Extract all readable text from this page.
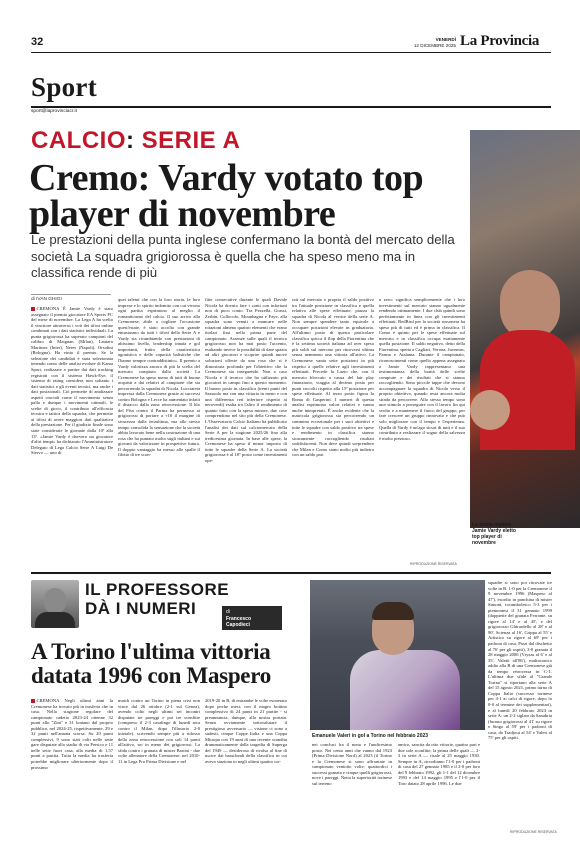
32	VENERDÌ
12 DICEMBRE 2025 La Provincia
Sport
sport@laprovinciacr.it
CALCIO: SERIE A
Cremo: Vardy votato top player di novembre
Le prestazioni della punta inglese confermano la bontà del mercato della società La squadra grigiorossa è quella che ha speso meno ma in classifica rende di più
di IVAN GHIGI
CREMONA È Jamie Vardy è stato assegnato il premio giocatore EA Sports FC del mese di novembre. La Lega A ha scelto il vincitore attraverso i voti dei tifosi online combinati con i dati statistici individuali. La punta grigiorossa ha superato campioni del calibro di Maignan (Milan), Lautaro Martinez (Inter), Neres (Napoli), Orsolini (Bologna). Ha vinto il premio. Se la selezione dei candidati è stata selezionata tenendo conto delle analisi evolute di Kama Sport, realizzate a partire dai dati tracking registrati con il sistema Hawk-Eye, il sistema di rating considera non soltanto i dati statistici e gli eventi tecnici, ma anche i dati posizionali. Ciò permette di analizzare aspetti cruciali come il movimento senza palla e dunque i movimenti ottimali, le scelte di gioco, il contributo all'efficacia tecnica e tattica della squadra, che permette ai tifosi di avere maggiori dati qualitativa della prestazione. Per il giudizio finale sono state considerate le giornate dalla 10ª alla 13ª. «Jamie Vardy è davvero un giocatore d'altri tempi» ha dichiarato l'Amministratore Delegato di Lega Calcio Serie A Luigi De Siervo — uno di
quei talenti che con la loro storia, le loro imprese e lo spirito indomito con cui vivono ogni partita esprimono al meglio il romanticismo del calcio. Il suo arrivo alla Cremonese, abile a cogliere l'occasione quest'estate, è stato accolto con grande entusiasmo da tutti i tifosi della Serie A e Vardy sta ricambiando con prestazioni di altissimo livello, leadership innata e gol importanti, frutto della caratteristica agonistica e delle capacità balistiche che l'hanno sempre contraddistinto». Il premio a Vardy valorizza ancora di più la scelta del mercato compiuto dalla società La Cremonese ha speso meno di tutti di buone acquisti a dai relativi al campione che sta percorrendo la squadra di Nicola. Lucciareta impressa dalla Cremonese grazie ai successi contro Bologna e Lecce ha aumentato infatti il distacco dalla zona retrocessione. Il blo del Pisa contro il Parma ha permesso ai grigiorossi di portare a +10 il margine di sicurezza dalla terzultima, ma allo stesso tempo consolida la sensazione che la società abbia lavorato bene nella costruzione di una rosa che ha puntato molto sugli italiani e sui giovani da valorizzare in prospettive futura. Il doppio vantaggio ha messo alle spalle il filotto di tre scon-
fitte consecutive durante le quali Davide Nicola ha dovuto fare i conti con infortuni non di poco conto. Tra Pezzella, Grassi, Zerbin, Collocolo, Mounbagna e Faye, alla squadra sono venuti a mancare nelle rotazioni almeno quattro elementi che erano titolari fissi nella prima parte del campionato. Assenze sulle quali il tecnico grigiorosso non ha mai posto l'accento, esaltando invece la possibilità di dare spazio ad altri giocatori e scoprire quindi nuove soluzioni offerte da una rosa che si è dimostrata profonda per l'obiettivo che la Cremonese sta inseguendo. Non a caso Nicola e il tecnico che ha utilizzato più giocatori in campo fino a questo momento. Il buono posto in classifica (trenti punti del Sassuolo ma con una vittoria in meno e con una differenza reti inferiore rispetto ai neroverdi) esalta tra l'altro il rendimento di quanto fatto con la spesa minore, due cose comprendono nel sito più della Cremonese. L'Osservatorio Calcio Italiano ha pubblicato l'analisi dei dati sul calciomercato della Serie A per la stagione 2025/26 fino alla tredicesima giornata. In base alle spese, la Cremonese ha speso il minor importo di tutte le squadre della Serie A. La società grigiorossa è al 18° posto come investimenti ope-
rati sul mercato e propria il saldo positivo tra l'attuale posizione in classifica e quella relativa alle spese effettuate, piazza la squadra di Nicola al vertice della serie A. Non sempre spendere tanto equivale a occupare posizioni elevate in graduatoria. All'ultimo posto di questa particolare classifica spicca il flop della Fiorentina che è la settima società italiana ad aver speso più soldi sul mercato per ritrovarsi ultima senza nemmeno una vittoria all'attivo. La Cremonese vanta sette posizioni in più rispetto a quelle relative agli investimenti effettuati. Precede la Lazio che, con il mercato bloccato a causa del fair play finanziario, viaggia al decimo posto per punti raccolti rispetto alla 15ª posizione per spese effettuate. Al terzo posto figura la Roma di Gasperini. I numeri di questa analisi esprimono valori relativi e vanno anche interpretati. È anche evidente che la matricola grigiorossa sta percorrendo un cammino eccezionale per i suoi obiettivi e tutte le squadre con saldo positivo tra spese e rendimento in classifica stanno sicuramente raccogliendo risultati soddisfacenti. Non deve quindi sorprendere che Milan e Como siano molto più indietro con un saldo pari
a zero: significa semplicemente che i loro investimenti sul mercato stanno ugualmente rendendo ottimamente. I due club quindi sono perfettamente in linea con gli investimenti effettuati. RedBird per la società rossonera ha speso più di tutti ed è prima in classifica. Il Como è quinto per le spese effettuate sul mercato e in classifica occupa esattamente quella posizione. Il saldo negativo, detto della Fiorentina, spetta a Cagliari, Verona, Juventus, Parma e Atalanta. Durante il campionato, riconoscimenti come quello appena assegnato a Jamie Vardy rappresentano una testimonianza della bontà delle scelte compiute e dei risultati che si stanno raccogliendo. Sono piccole tappe che devono accompagnare la squadra di Nicola verso il proprio obiettivo, quando resta ancora molta strada da percorrere. Allo stesso tempo sono uno stimolo a proseguire con il lavoro fin qui svolto e a mantenere il fuoco del gruppo, per fare crescere un gruppo rinnovato e che può solo migliorare con il tempo e l'esperienza. Quella di Vardy è un'ago sicuri di tutti e il suo contributo a realizzare il sogno della salvezza è molto prezioso.
RIPRODUZIONE RISERVATA
La punta inglese Jamie Vardy eletto top player di novembre
IL PROFESSORE
DÀ I NUMERI	di
Francesco
Capodieci
Emanuele Valeri in gol a Torino nel febbraio 2023
A Torino l'ultima vittoria datata 1996 con Maspero
CREMONA Negli ultimi anni la Cremonese ha trovato più in trasferta che in casa. Nella stagione regolare del campionato cadetto 2023-24 ottenne 32 punti allo "Zini" e 31 lontano dal proprio pubblico, nel 2024-25, rispettivamente, 29 e 32 punti nell'annata scorsa. Su 20 punti complessivi, 9 sono stati colti nelle sette gare disputate allo stadio di via Persico e 11 nelle sette fuori casa, alla media di 1,57 punti a partita. Tutta la media ha trasferta potrebbe migliorare ulteriormente dopo il prossimo
match contro un Torino in piena crisi non vince dal 26 ottobre (2-1 sul Genoa), avendo colto negli ultimi sei incontri disputate tre pareggi e poi tre sconfitte (compreso il 2-3 casalingo di lunedì sera contro il Milan, dopo l'illusorio 2-0 iniziale). scrivendo sempre più a ridosso della zona retrocessione con soli 14 punti all'attivo, sei in meno dei grigiorossi. La sfida contro i granata di mister Baroni - due volte allenatore della Cremonese, nel 2010-11 in Lega Pro Prima Divisione e nel
2019-20 in B, di entrambe le volte esonerato dopo poche mesi, con il magro bottino complessivo di 24 punti in 21 partite - si preannuncia, dunque, alla nostra portata. Senza ovviamente sottovalutare il prestigioso avversario — visione ci sono a sudesti, cinque Coppe Italia e una Coppa Mitropa con 19 anni di una recente scandita drammaticamente dalla tragedia di Superga del 1949 — desideroso di rivalsa al fine di uscire dai bassifondi della classifica in cui aveva staziona to negli ultimi quattro tor-
nei conclusi fra il nono e l'undicesimo posto. Nei cento anni che vanno dal 1923 (Prima Divisione Nord) al 2023 (il Torino e la Cremonese si sono affrontate in campionato ventotto volte: quattordici i successi granata e cinque quelli grigiorossi, nove i pareggi. Netta la superiorità torinese sul terreno
amico, sancita da otto vittorie, quattro pari e due sole sconfitte, la prima delle quali — 2-3 in serie A — risale al 25 maggio 1930. Sempre in A, ricordiamo l'1-0 per i padroni di casa del 27 gennaio 1985 e il 2-0 per loro del 9 febbraio 1992, gli 1-1 del 12 dicembre 1993 e del 14 maggio 1995 e l'1-0 per il Toro datato 28 aprile 1996. Le due
squadre si sono poi ritrovate tre volte in B. 1-0 per la Cremonese il 9 novembre 1996 (Maspero al 47'), esordio in panchina di mister Simoni, rocambolesco 5-3 per i piemontesi il 31 gennaio 1999 (doppiette del granata Ferrante, su rigore al 14' e al 45', e del grigiorosso Ghirardello al 28' e al 90', Scienza al 16', Crippa al 55' e Artistico su rigore al 69' per i padroni di casa, Pizzi dal dischetto al 76' per gli ospiti), 3-0 granata il 28 maggio 2006 (Vryzas al 6' e al 35', Valetti all'86'), malinconico addio alla B di una Cremonese già da tempo retrocessa in C-1. L'ultima due sfide al "Grande Torino" si riportano alla serie A del 15 agosto 2021, primo turno di Coppa Italia (successo torinese per 4-1 ai calci di rigore, dopo lo 0-0 al termine dei supplementari), e al lunedì 20 febbraio 2023 in serie A: un 2-2 siglato da Sanabria (furono grigiorossi al 41' su rigore e Singo al 59' per i padroni di casa, da Tsadjout al 54' e Valeri al 75' per gli ospiti.
RIPRODUZIONE RISERVATA
